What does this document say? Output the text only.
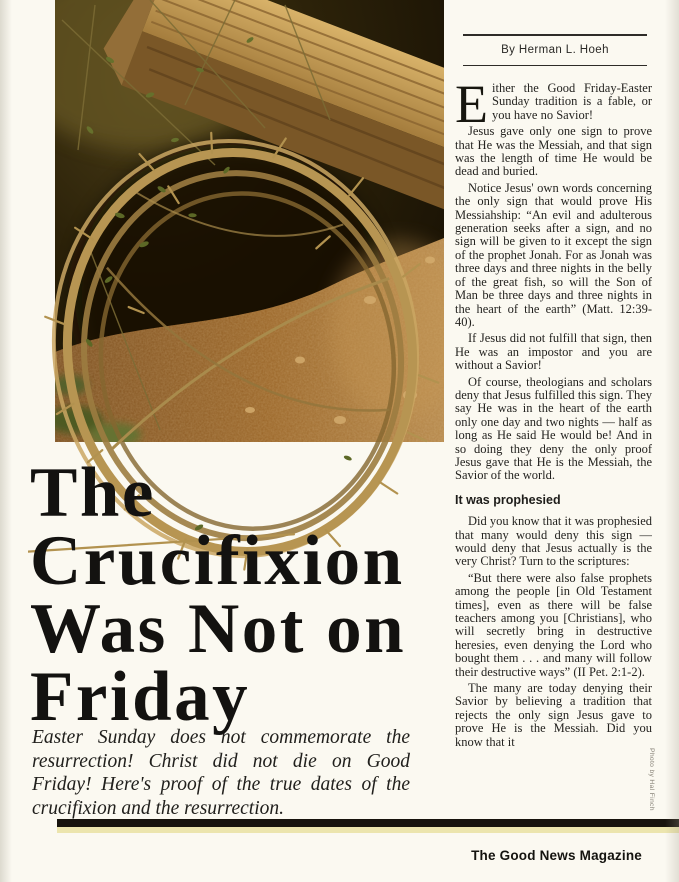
The
Crucifixion
Was Not on
Friday
Easter Sunday does not commemorate the resurrection! Christ did not die on Good Friday! Here's proof of the true dates of the crucifixion and the resurrection.
By Herman L. Hoeh

Either the Good Friday-Easter Sunday tradition is a fable, or you have no Savior!

Jesus gave only one sign to prove that He was the Messiah, and that sign was the length of time He would be dead and buried.

Notice Jesus' own words concerning the only sign that would prove His Messiahship: “An evil and adulterous generation seeks after a sign, and no sign will be given to it except the sign of the prophet Jonah. For as Jonah was three days and three nights in the belly of the great fish, so will the Son of Man be three days and three nights in the heart of the earth” (Matt. 12:39-40).

If Jesus did not fulfill that sign, then He was an impostor and you are without a Savior!

Of course, theologians and scholars deny that Jesus fulfilled this sign. They say He was in the heart of the earth only one day and two nights — half as long as He said He would be! And in so doing they deny the only proof Jesus gave that He is the Messiah, the Savior of the world.

It was prophesied

Did you know that it was prophesied that many would deny this sign — would deny that Jesus actually is the very Christ? Turn to the scriptures:

“But there were also false prophets among the people [in Old Testament times], even as there will be false teachers among you [Christians], who will secretly bring in destructive heresies, even denying the Lord who bought them . . . and many will follow their destructive ways” (II Pet. 2:1-2).

The many are today denying their Savior by believing a tradition that rejects the only sign Jesus gave to prove He is the Messiah. Did you know that it

Photo by Hal Finch
The Good News Magazine
